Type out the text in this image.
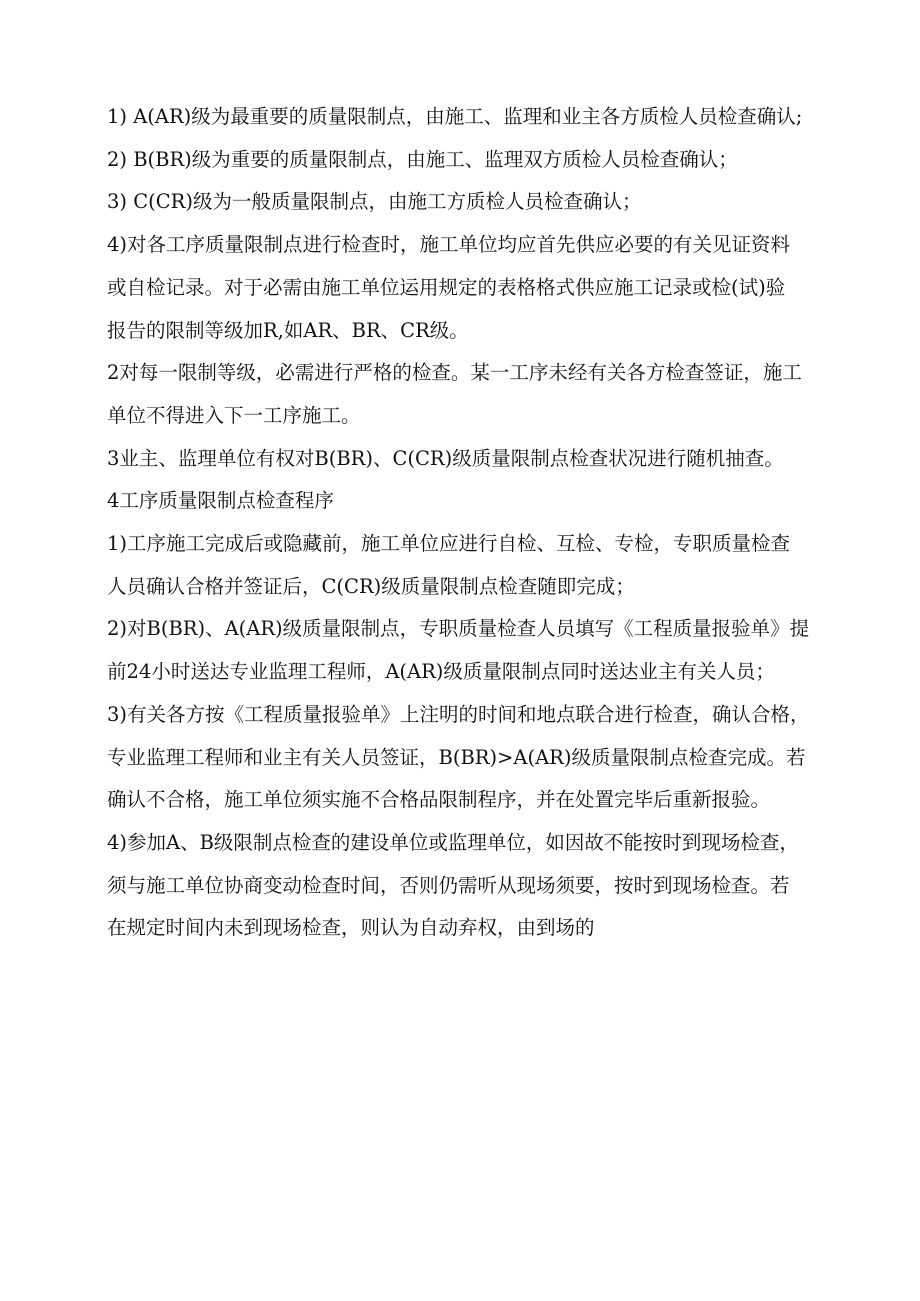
1) A(AR)级为最重要的质量限制点，由施工、监理和业主各方质检人员检查确认;

2) B(BR)级为重要的质量限制点，由施工、监理双方质检人员检查确认；

3) C(CR)级为一般质量限制点，由施工方质检人员检查确认；

4)对各工序质量限制点进行检查时，施工单位均应首先供应必要的有关见证资料

或自检记录。对于必需由施工单位运用规定的表格格式供应施工记录或检(试)验

报告的限制等级加R,如AR、BR、CR级。

2对每一限制等级，必需进行严格的检查。某一工序未经有关各方检查签证，施工

单位不得进入下一工序施工。

3业主、监理单位有权对B(BR)、C(CR)级质量限制点检查状况进行随机抽查。

4工序质量限制点检查程序

1)工序施工完成后或隐藏前，施工单位应进行自检、互检、专检，专职质量检查

人员确认合格并签证后，C(CR)级质量限制点检查随即完成；

2)对B(BR)、A(AR)级质量限制点，专职质量检查人员填写《工程质量报验单》提

前24小时送达专业监理工程师，A(AR)级质量限制点同时送达业主有关人员；

3)有关各方按《工程质量报验单》上注明的时间和地点联合进行检查，确认合格，

专业监理工程师和业主有关人员签证，B(BR)>A(AR)级质量限制点检查完成。若

确认不合格，施工单位须实施不合格品限制程序，并在处置完毕后重新报验。

4)参加A、B级限制点检查的建设单位或监理单位，如因故不能按时到现场检查，

须与施工单位协商变动检查时间，否则仍需听从现场须要，按时到现场检查。若

在规定时间内未到现场检查，则认为自动弃权，由到场的
